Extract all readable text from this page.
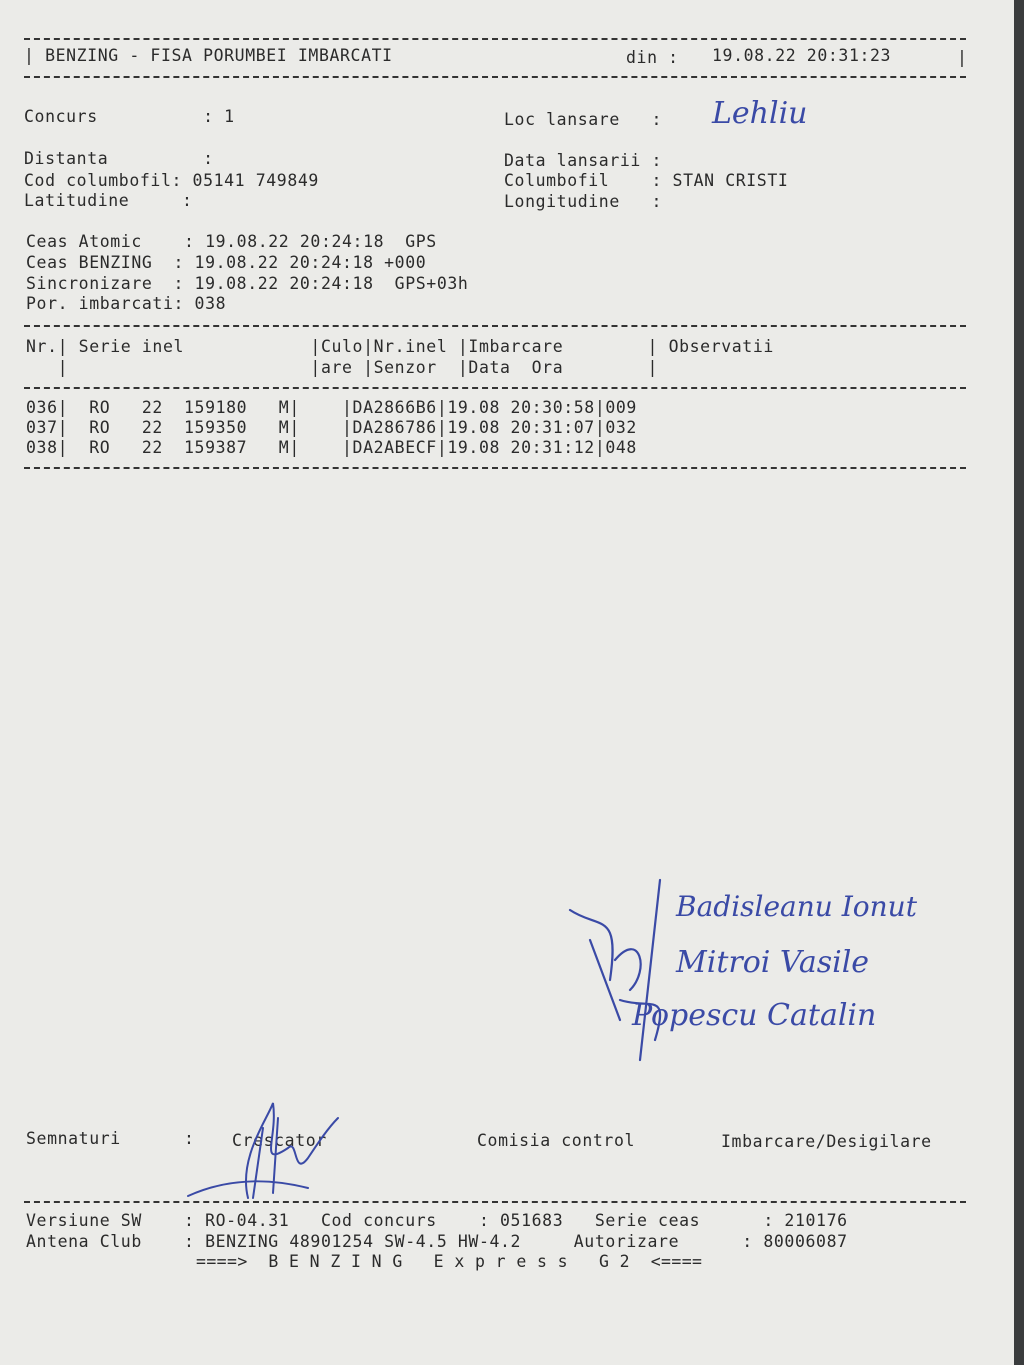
| BENZING - FISA PORUMBEI IMBARCATI	din : 19.08.22 20:31:23	|
Concurs          : 1	Loc lansare   : Lehliu
Distanta         :	Data lansarii :
Cod columbofil: 05141 749849	Columbofil    : STAN CRISTI
Latitudine     :	Longitudine   :
Ceas Atomic    : 19.08.22 20:24:18  GPS
Ceas BENZING  : 19.08.22 20:24:18 +000
Sincronizare  : 19.08.22 20:24:18  GPS+03h
Por. imbarcati: 038
Nr.| Serie inel            |Culo|Nr.inel |Imbarcare        | Observatii
|                       |are |Senzor  |Data  Ora        |
036|  RO   22  159180   M|    |DA2866B6|19.08 20:30:58|009
037|  RO   22  159350   M|    |DA286786|19.08 20:31:07|032
038|  RO   22  159387   M|    |DA2ABECF|19.08 20:31:12|048
Badisleanu Ionut
Mitroi Vasile
Popescu Catalin
Semnaturi      : Crescator	Comisia control	Imbarcare/Desigilare
Versiune SW    : RO-04.31   Cod concurs    : 051683   Serie ceas      : 210176
Antena Club    : BENZING 48901254 SW-4.5 HW-4.2     Autorizare      : 80006087
====>  B E N Z I N G   E x p r e s s   G 2  <====
